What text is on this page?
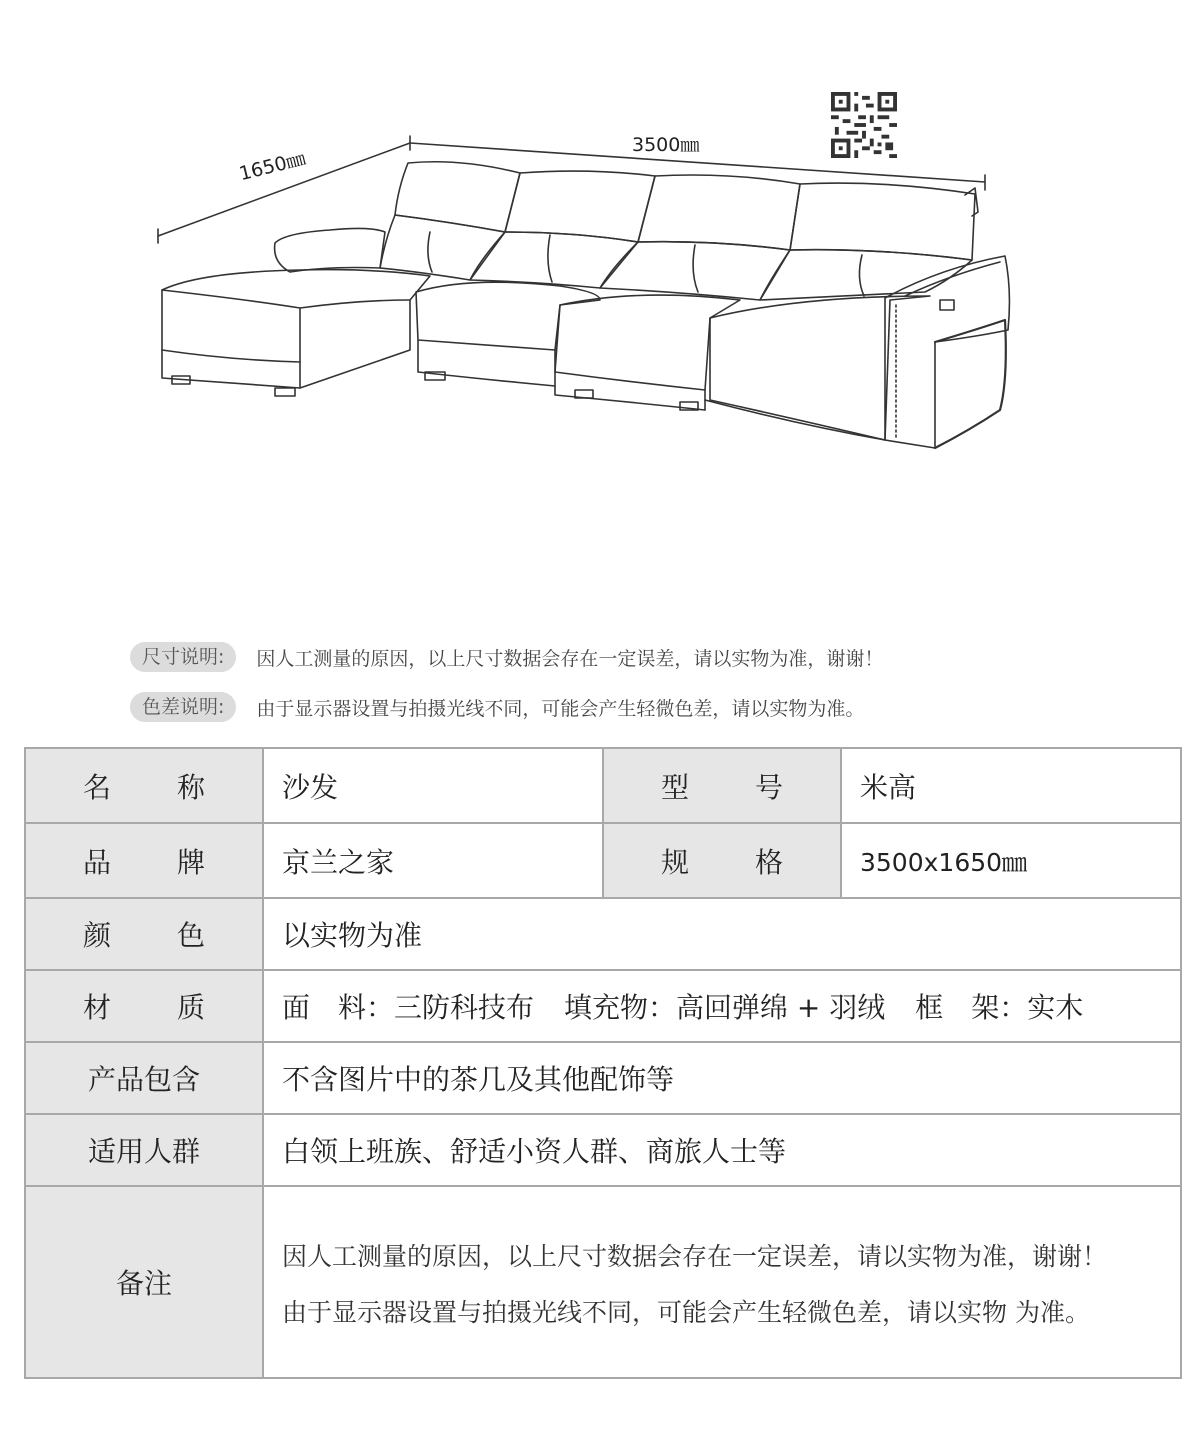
3500㎜
1650㎜
尺寸说明:	因人工测量的原因，以上尺寸数据会存在一定误差，请以实物为准，谢谢！
色差说明:	由于显示器设置与拍摄光线不同，可能会产生轻微色差，请以实物为准。
名 称	沙发	型 号	米高

品 牌	京兰之家	规 格	3500x1650㎜

颜 色	以实物为准		

材 质	面　料：三防科技布 填充物：高回弹绵 + 羽绒 框　架：实木		
产品包含	不含图片中的茶几及其他配饰等		
适用人群	白领上班族、舒适小资人群、商旅人士等		
备注	因人工测量的原因，以上尺寸数据会存在一定误差，请以实物为准，谢谢！
由于显示器设置与拍摄光线不同，可能会产生轻微色差，请以实物 为准。		
